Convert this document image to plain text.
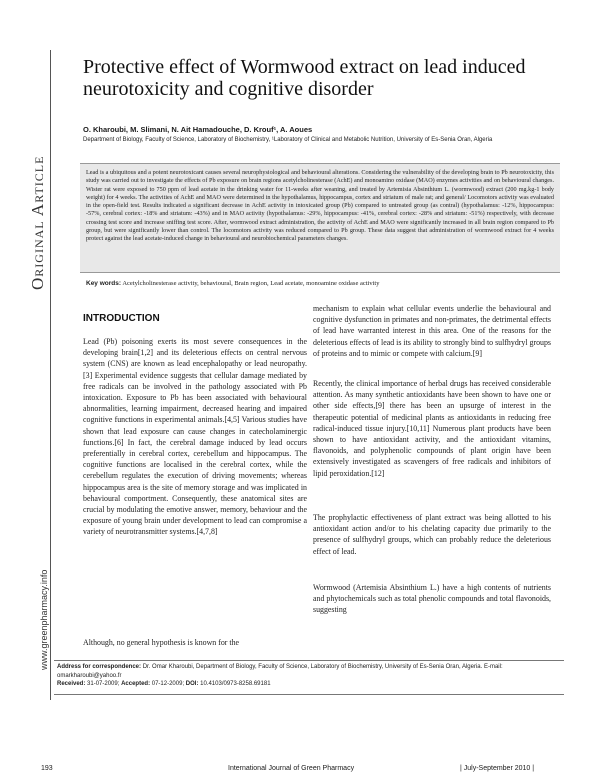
Original Article
www.greenpharmacy.info
Protective effect of Wormwood extract on lead induced neurotoxicity and cognitive disorder
O. Kharoubi, M. Slimani, N. Ait Hamadouche, D. Krouf¹, A. Aoues
Department of Biology, Faculty of Science, Laboratory of Biochemistry, ¹Laboratory of Clinical and Metabolic Nutrition, University of Es-Senia Oran, Algeria

Lead is a ubiquitous and a potent neurotoxicant causes several neurophysiological and behavioural alterations. Considering the vulnerability of the developing brain to Pb neurotoxicity, this study was carried out to investigate the effects of Pb exposure on brain regions acetylcholinesterase (AchE) and monoamino oxidase (MAO) enzymes activities and on behavioural changes. Wister rat were exposed to 750 ppm of lead acetate in the drinking water for 11-weeks after weaning, and treated by Artemisia Absinthium L. (wormwood) extract (200 mg.kg-1 body weight) for 4 weeks. The activities of AchE and MAO were determined in the hypothalamus, hippocampus, cortex and striatum of male rat; and general/ Locomotors activity was evaluated in the open-field test. Results indicated a significant decrease in AchE activity in intoxicated group (Pb) compared to untreated group (as contral) (hypothalamus: -12%, hippocampus: -57%, cerebral cortex: -18% and striatum: -43%) and in MAO activity (hypothalamus: -29%, hippocampus: -41%, cerebral cortex: -28% and striatum: -51%) respectively, with decrease crossing test score and increase sniffing test score. After, wormwood extract administration, the activity of AchE and MAO were significantly increased in all brain region compared to Pb group, but were significantly lower than control. The locomotors activity was reduced compared to Pb group. These data suggest that administration of wormwood extract for 4 weeks protect against the lead acetate-induced change in behavioural and neurobiochemical parameters changes.

Key words: Acetylcholinesterase activity, behavioural, Brain region, Lead acetate, monoamine oxidase activity
INTRODUCTION

Lead (Pb) poisoning exerts its most severe consequences in the developing brain[1,2] and its deleterious effects on central nervous system (CNS) are known as lead encephalopathy or lead neuropathy.[3] Experimental evidence suggests that cellular damage mediated by free radicals can be involved in the pathology associated with Pb intoxication. Exposure to Pb has been associated with behavioural abnormalities, learning impairment, decreased hearing and impaired cognitive functions in experimental animals.[4,5] Various studies have shown that lead exposure can cause changes in catecholaminergic functions.[6] In fact, the cerebral damage induced by lead occurs preferentially in cerebral cortex, cerebellum and hippocampus. The cognitive functions are localised in the cerebral cortex, while the cerebellum regulates the execution of driving movements; whereas hippocampus area is the site of memory storage and was implicated in behavioural comportment. Consequently, these anatomical sites are crucial by modulating the emotive answer, memory, behaviour and the exposure of young brain under development to lead can compromise a variety of neurotransmitter systems.[4,7,8]

Although, no general hypothesis is known for the

mechanism to explain what cellular events underlie the behavioural and cognitive dysfunction in primates and non-primates, the detrimental effects of lead have warranted interest in this area. One of the reasons for the deleterious effects of lead is its ability to strongly bind to sulfhydryl groups of proteins and to mimic or compete with calcium.[9]

Recently, the clinical importance of herbal drugs has received considerable attention. As many synthetic antioxidants have been shown to have one or other side effects,[9] there has been an upsurge of interest in the therapeutic potential of medicinal plants as antioxidants in reducing free radical-induced tissue injury.[10,11] Numerous plant products have been shown to have antioxidant activity, and the antioxidant vitamins, flavonoids, and polyphenolic compounds of plant origin have been extensively investigated as scavengers of free radicals and inhibitors of lipid peroxidation.[12]

The prophylactic effectiveness of plant extract was being allotted to his antioxidant action and/or to his chelating capacity due primarily to the presence of sulfhydryl groups, which can probably reduce the deleterious effect of lead.

Wormwood (Artemisia Absinthium L.) have a high contents of nutrients and phytochemicals such as total phenolic compounds and total flavonoids, suggesting

Address for correspondence: Dr. Omar Kharoubi, Department of Biology, Faculty of Science, Laboratory of Biochemistry, University of Es-Senia Oran, Algeria. E-mail: omarkharoubi@yahoo.fr
Received: 31-07-2009; Accepted: 07-12-2009; DOI: 10.4103/0973-8258.69181
193	International Journal of Green Pharmacy	| July-September 2010 |
